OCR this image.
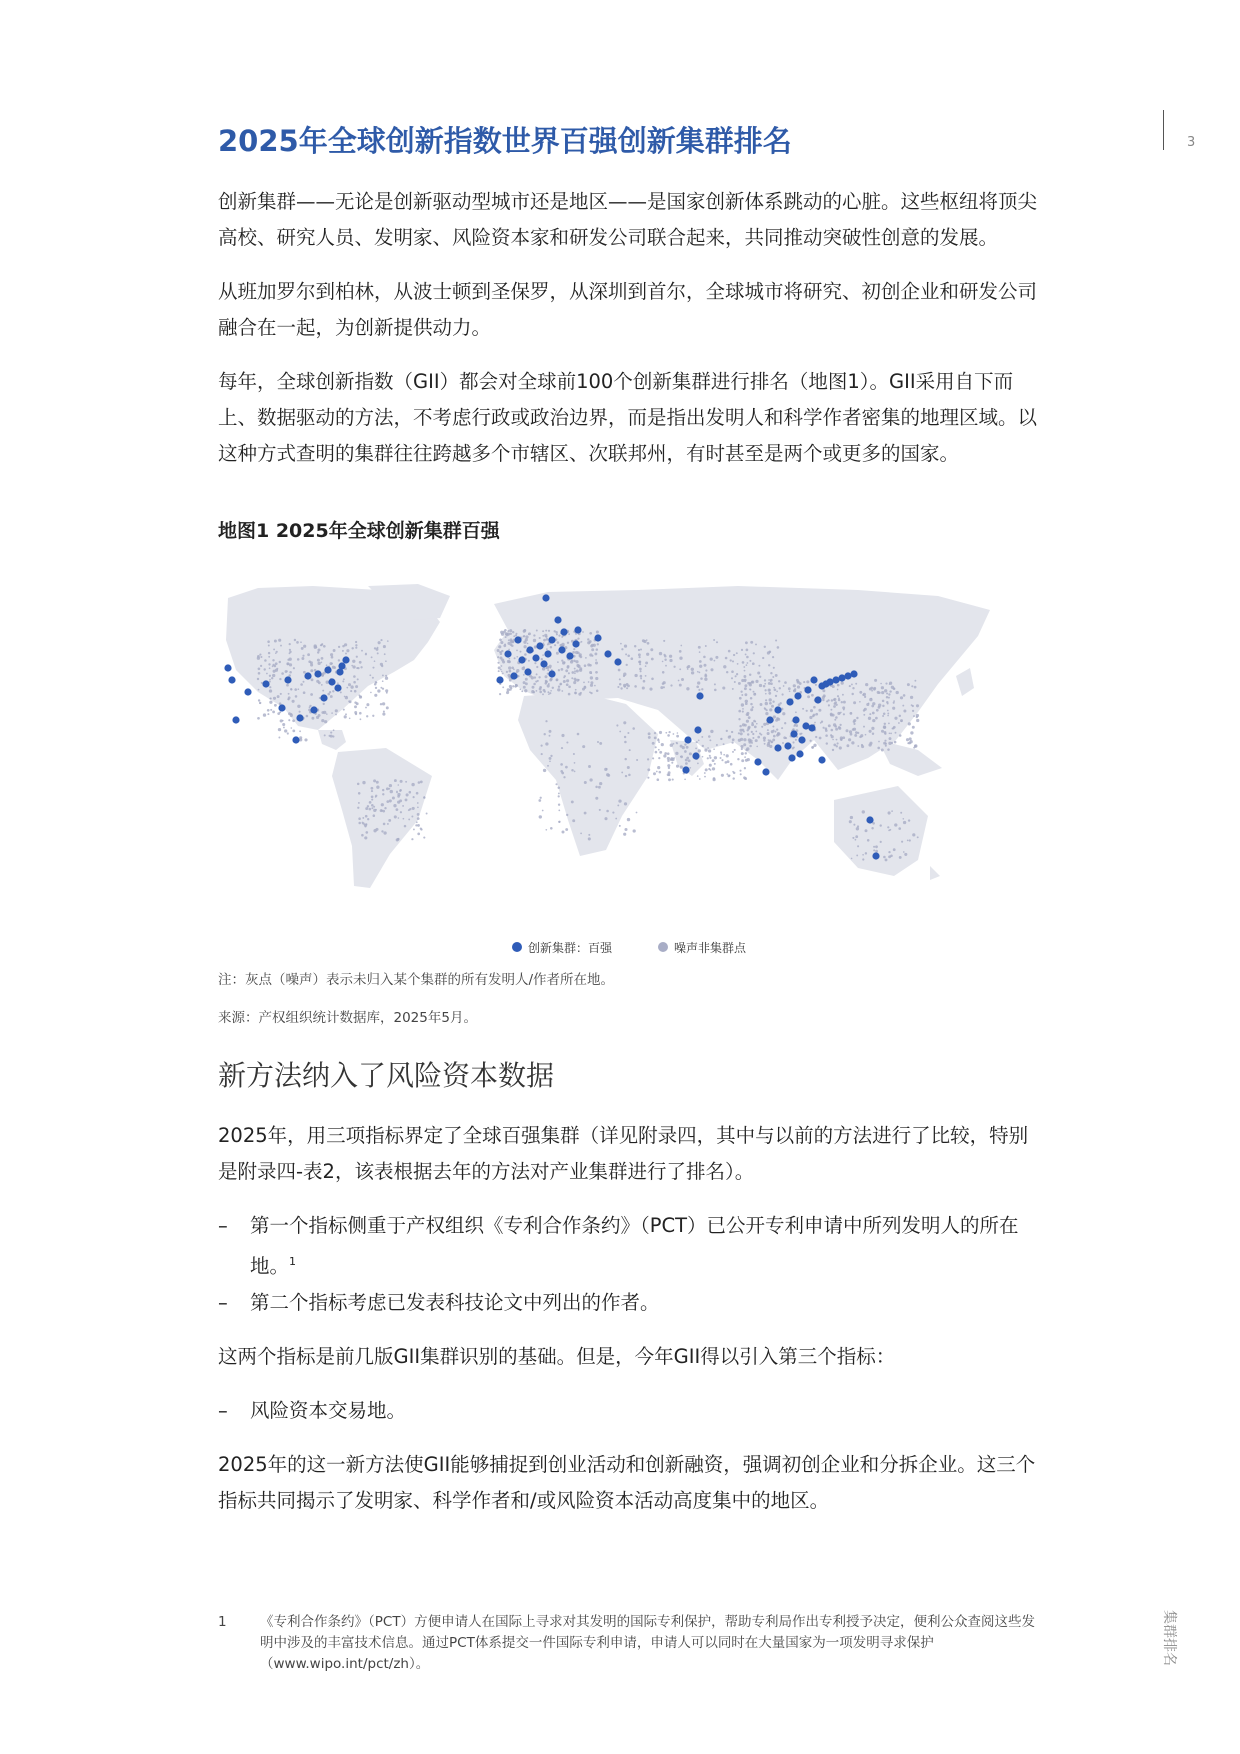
3
集群排名
2025年全球创新指数世界百强创新集群排名

创新集群——无论是创新驱动型城市还是地区——是国家创新体系跳动的心脏。这些枢纽将顶尖高校、研究人员、发明家、风险资本家和研发公司联合起来，共同推动突破性创意的发展。

从班加罗尔到柏林，从波士顿到圣保罗，从深圳到首尔，全球城市将研究、初创企业和研发公司融合在一起，为创新提供动力。

每年，全球创新指数（GII）都会对全球前100个创新集群进行排名（地图1）。GII采用自下而上、数据驱动的方法，不考虑行政或政治边界，而是指出发明人和科学作者密集的地理区域。以这种方式查明的集群往往跨越多个市辖区、次联邦州，有时甚至是两个或更多的国家。

地图1 2025年全球创新集群百强

创新集群：百强	噪声非集群点

注：灰点（噪声）表示未归入某个集群的所有发明人/作者所在地。

来源：产权组织统计数据库，2025年5月。

新方法纳入了风险资本数据

2025年，用三项指标界定了全球百强集群（详见附录四，其中与以前的方法进行了比较，特别是附录四-表2，该表根据去年的方法对产业集群进行了排名）。

–	第一个指标侧重于产权组织《专利合作条约》（PCT）已公开专利申请中所列发明人的所在地。$^1$
–	第二个指标考虑已发表科技论文中列出的作者。

这两个指标是前几版GII集群识别的基础。但是，今年GII得以引入第三个指标：

–	风险资本交易地。

2025年的这一新方法使GII能够捕捉到创业活动和创新融资，强调初创企业和分拆企业。这三个指标共同揭示了发明家、科学作者和/或风险资本活动高度集中的地区。

1	《专利合作条约》（PCT）方便申请人在国际上寻求对其发明的国际专利保护，帮助专利局作出专利授予决定，便利公众查阅这些发明中涉及的丰富技术信息。通过PCT体系提交一件国际专利申请，申请人可以同时在大量国家为一项发明寻求保护（www.wipo.int/pct/zh）。
